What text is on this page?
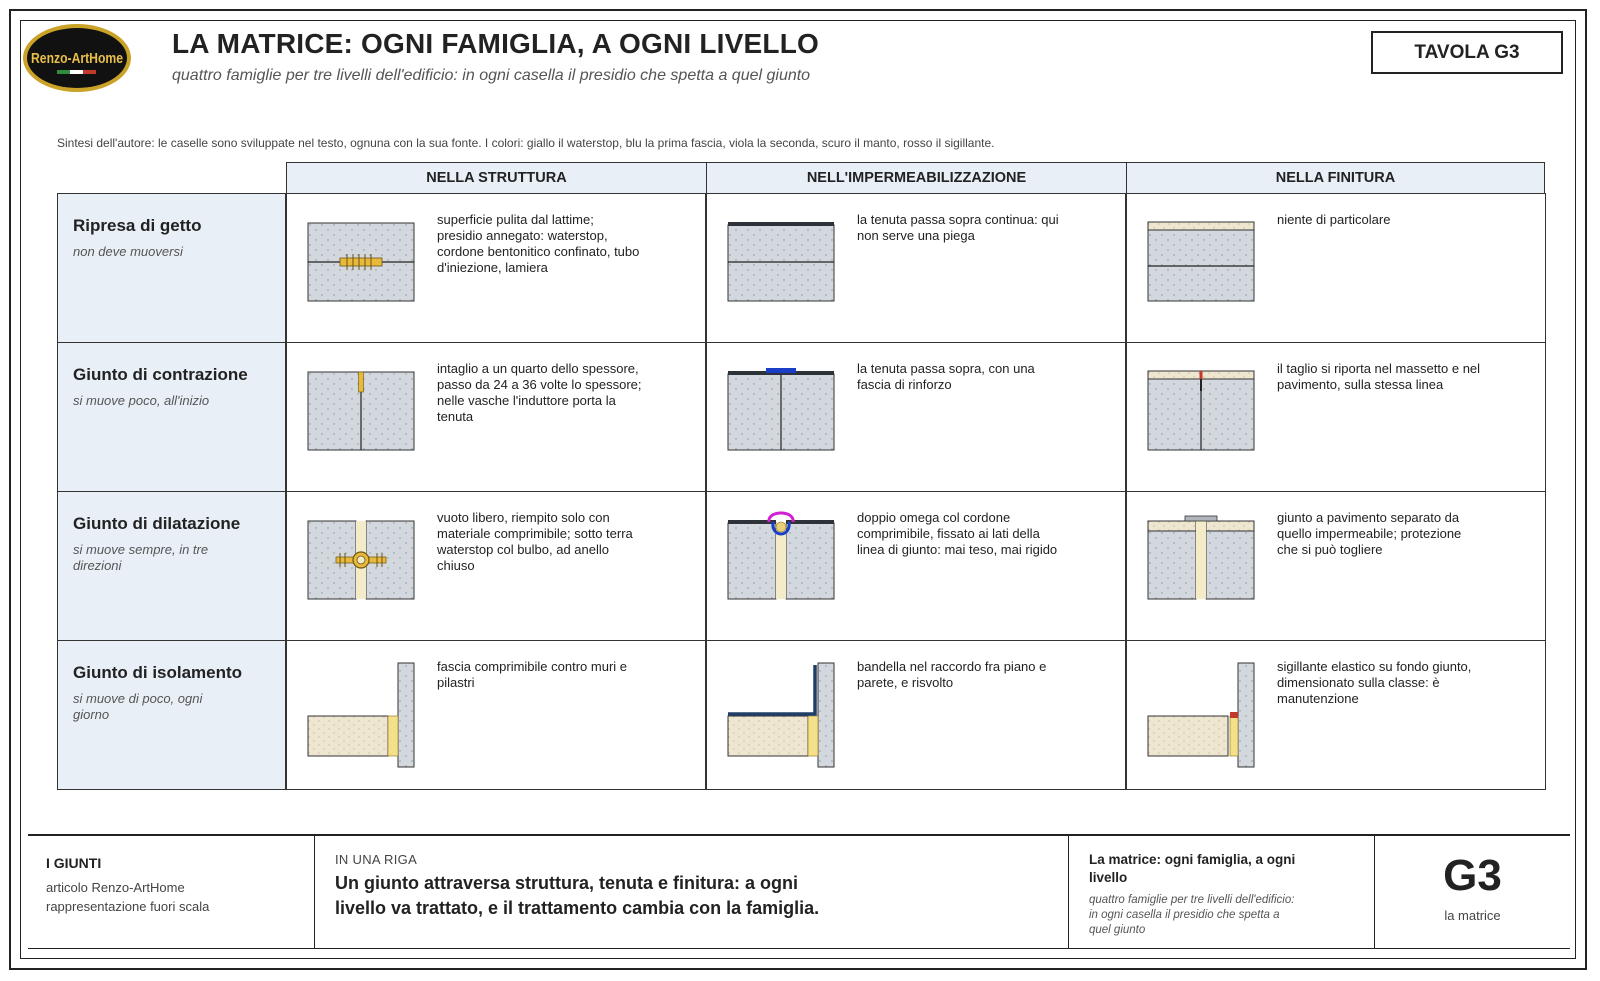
Renzo-ArtHome LA MATRICE: OGNI FAMIGLIA, A OGNI LIVELLO

quattro famiglie per tre livelli dell'edificio: in ogni casella il presidio che spetta a quel giunto

TAVOLA G3
Sintesi dell'autore: le caselle sono sviluppate nel testo, ognuna con la sua fonte. I colori: giallo il waterstop, blu la prima fascia, viola la seconda, scuro il manto, rosso il sigillante.
NELLA STRUTTURA	NELL'IMPERMEABILIZZAZIONE	NELLA FINITURA
Ripresa di getto
non deve muoversi
superficie pulita dal lattime; presidio annegato: waterstop, cordone bentonitico confinato, tubo d'iniezione, lamiera
la tenuta passa sopra continua: qui non serve una piega
niente di particolare
Giunto di contrazione
si muove poco, all'inizio
intaglio a un quarto dello spessore, passo da 24 a 36 volte lo spessore; nelle vasche l'induttore porta la tenuta
la tenuta passa sopra, con una fascia di rinforzo
il taglio si riporta nel massetto e nel pavimento, sulla stessa linea
Giunto di dilatazione
si muove sempre, in tre direzioni
vuoto libero, riempito solo con materiale comprimibile; sotto terra waterstop col bulbo, ad anello chiuso
doppio omega col cordone comprimibile, fissato ai lati della linea di giunto: mai teso, mai rigido
giunto a pavimento separato da quello impermeabile; protezione che si può togliere
Giunto di isolamento
si muove di poco, ogni giorno
fascia comprimibile contro muri e pilastri
bandella nel raccordo fra piano e parete, e risvolto
sigillante elastico su fondo giunto, dimensionato sulla classe: è manutenzione
I GIUNTI
articolo Renzo-ArtHome
rappresentazione fuori scala
IN UNA RIGA
Un giunto attraversa struttura, tenuta e finitura: a ogni livello va trattato, e il trattamento cambia con la famiglia.
La matrice: ogni famiglia, a ogni livello
quattro famiglie per tre livelli dell'edificio: in ogni casella il presidio che spetta a quel giunto
G3
la matrice
